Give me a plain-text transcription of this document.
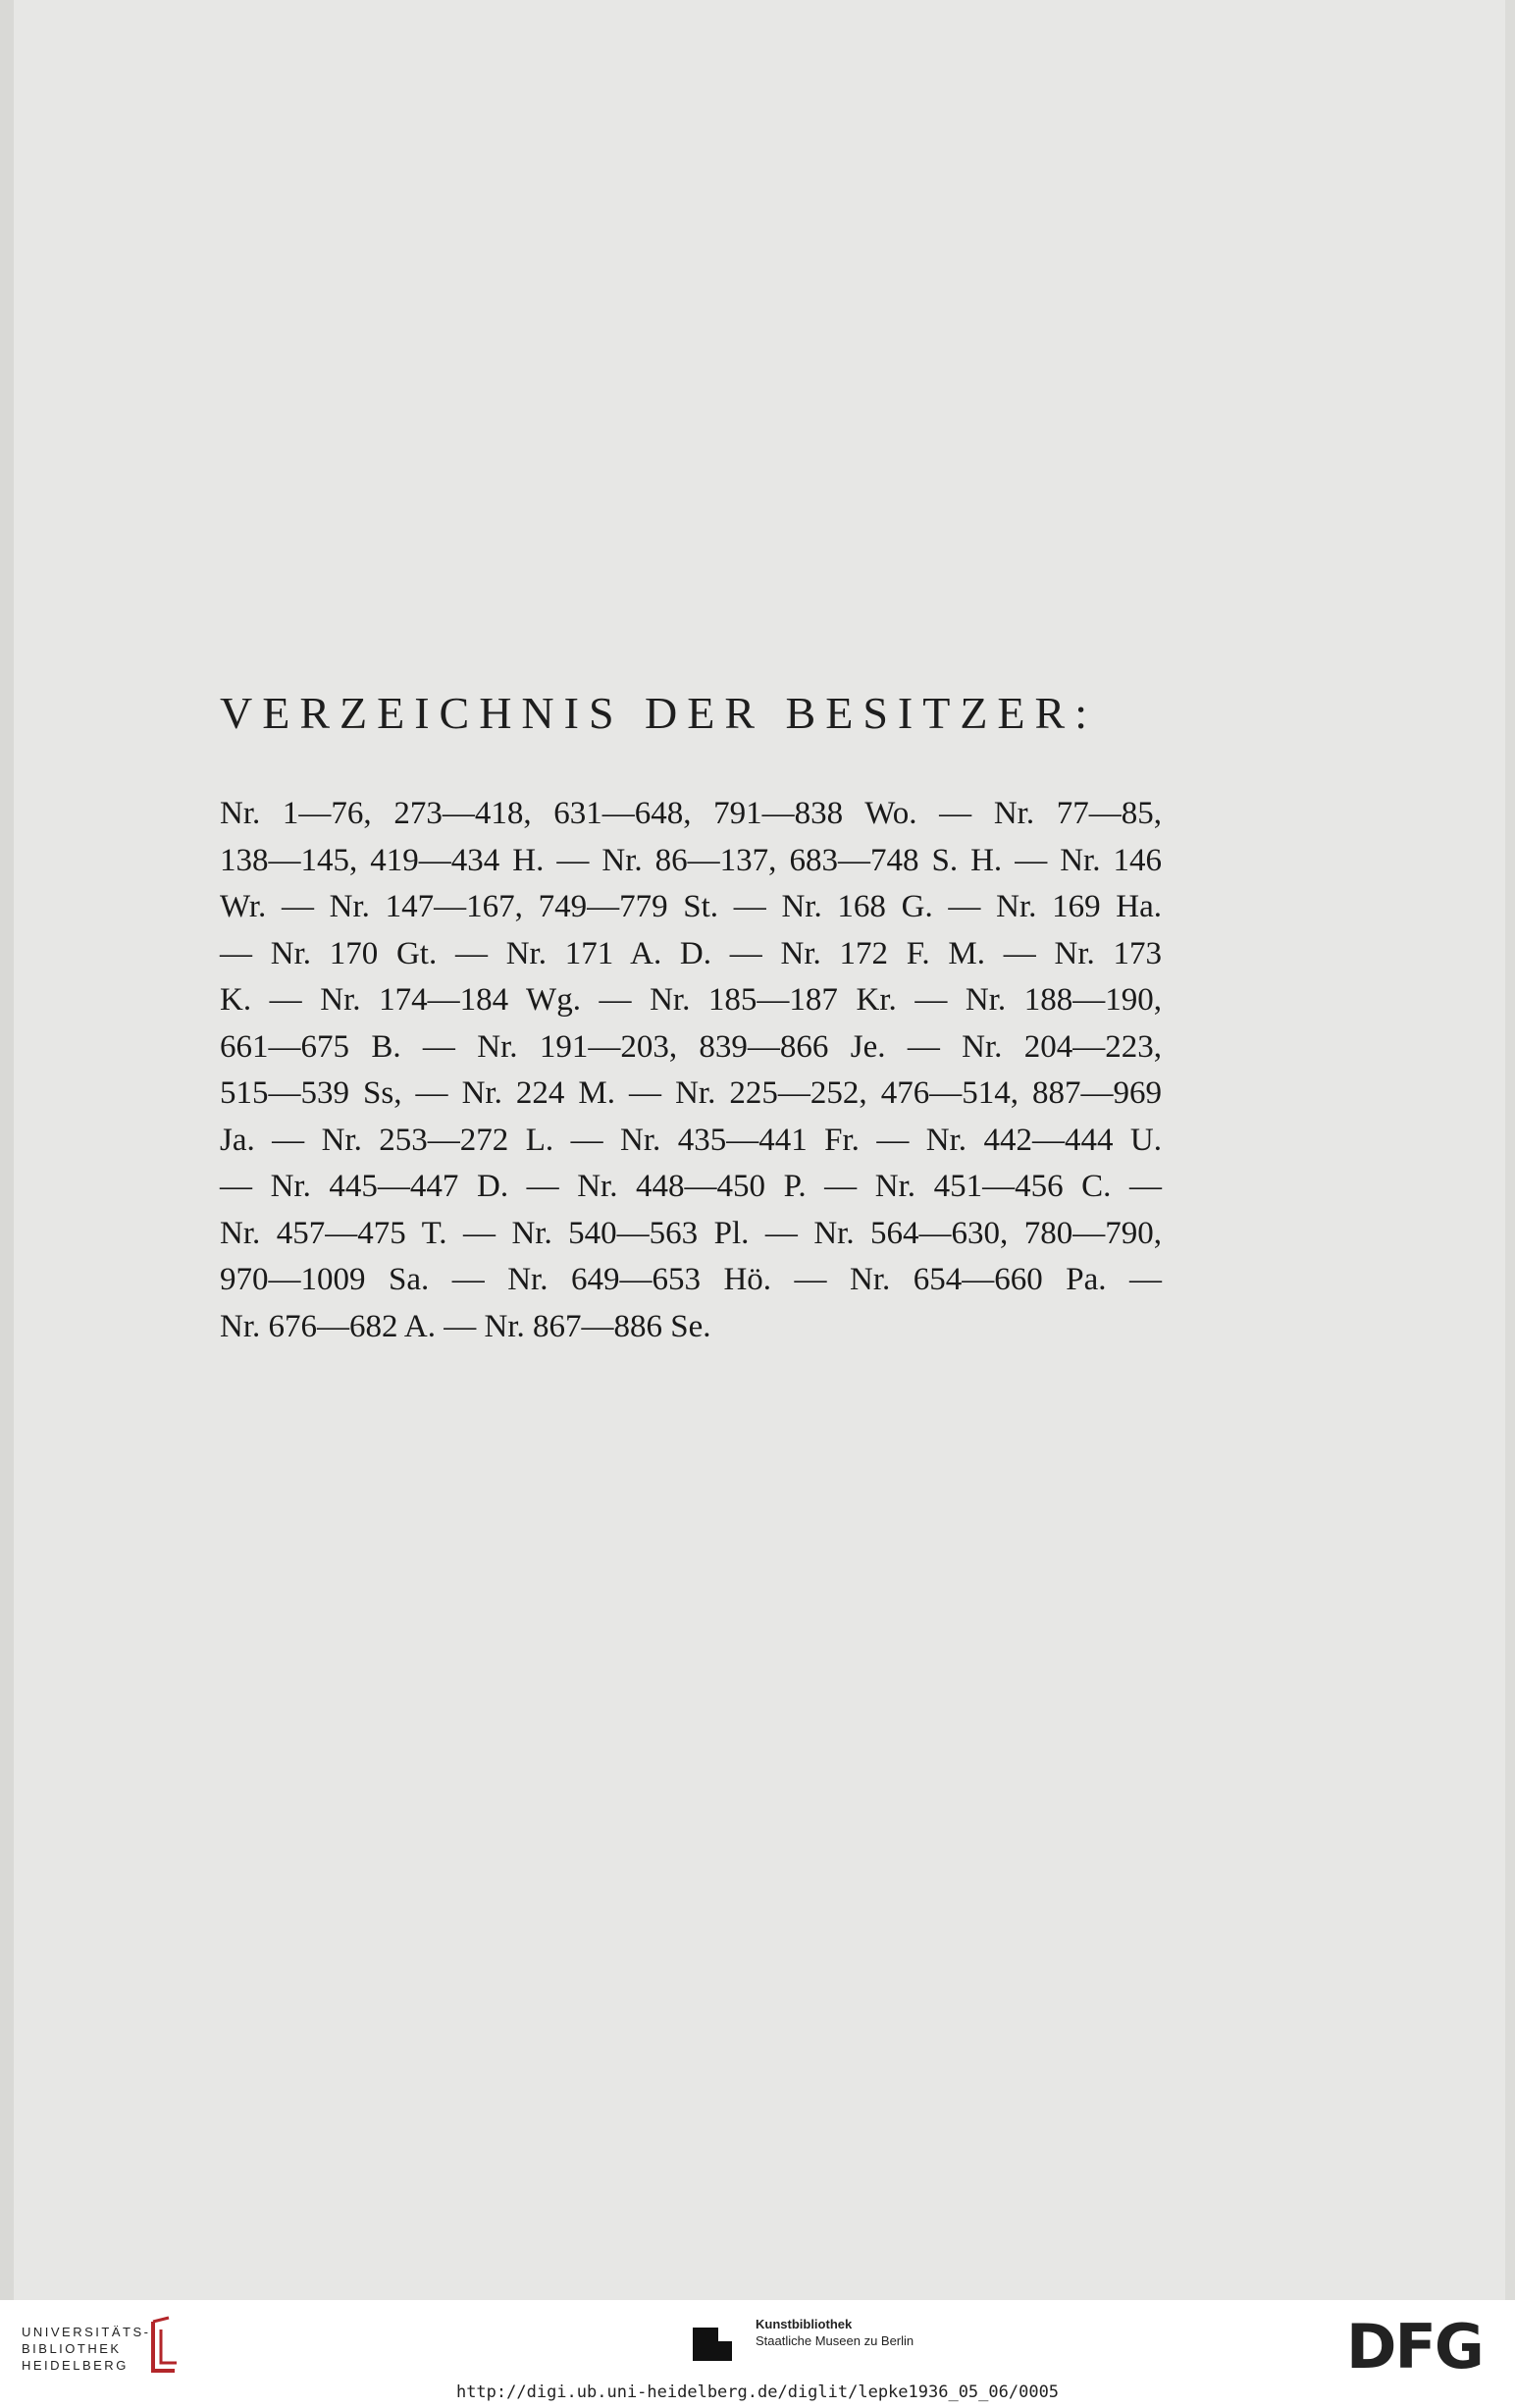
VERZEICHNIS DER BESITZER:
Nr. 1—76, 273—418, 631—648, 791—838 Wo. — Nr. 77—85,
138—145, 419—434 H. — Nr. 86—137, 683—748 S. H. — Nr. 146
Wr. — Nr. 147—167, 749—779 St. — Nr. 168 G. — Nr. 169 Ha.
— Nr. 170 Gt. — Nr. 171 A. D. — Nr. 172 F. M. — Nr. 173
K. — Nr. 174—184 Wg. — Nr. 185—187 Kr. — Nr. 188—190,
661—675 B. — Nr. 191—203, 839—866 Je. — Nr. 204—223,
515—539 Ss, — Nr. 224 M. — Nr. 225—252, 476—514, 887—969
Ja. — Nr. 253—272 L. — Nr. 435—441 Fr. — Nr. 442—444 U.
— Nr. 445—447 D. — Nr. 448—450 P. — Nr. 451—456 C. —
Nr. 457—475 T. — Nr. 540—563 Pl. — Nr. 564—630, 780—790,
970—1009 Sa. — Nr. 649—653 Hö. — Nr. 654—660 Pa. —
Nr. 676—682 A. — Nr. 867—886 Se.
UNIVERSITÄTS-
BIBLIOTHEK
HEIDELBERG
Kunstbibliothek
Staatliche Museen zu Berlin	DFG
http://digi.ub.uni-heidelberg.de/diglit/lepke1936_05_06/0005
